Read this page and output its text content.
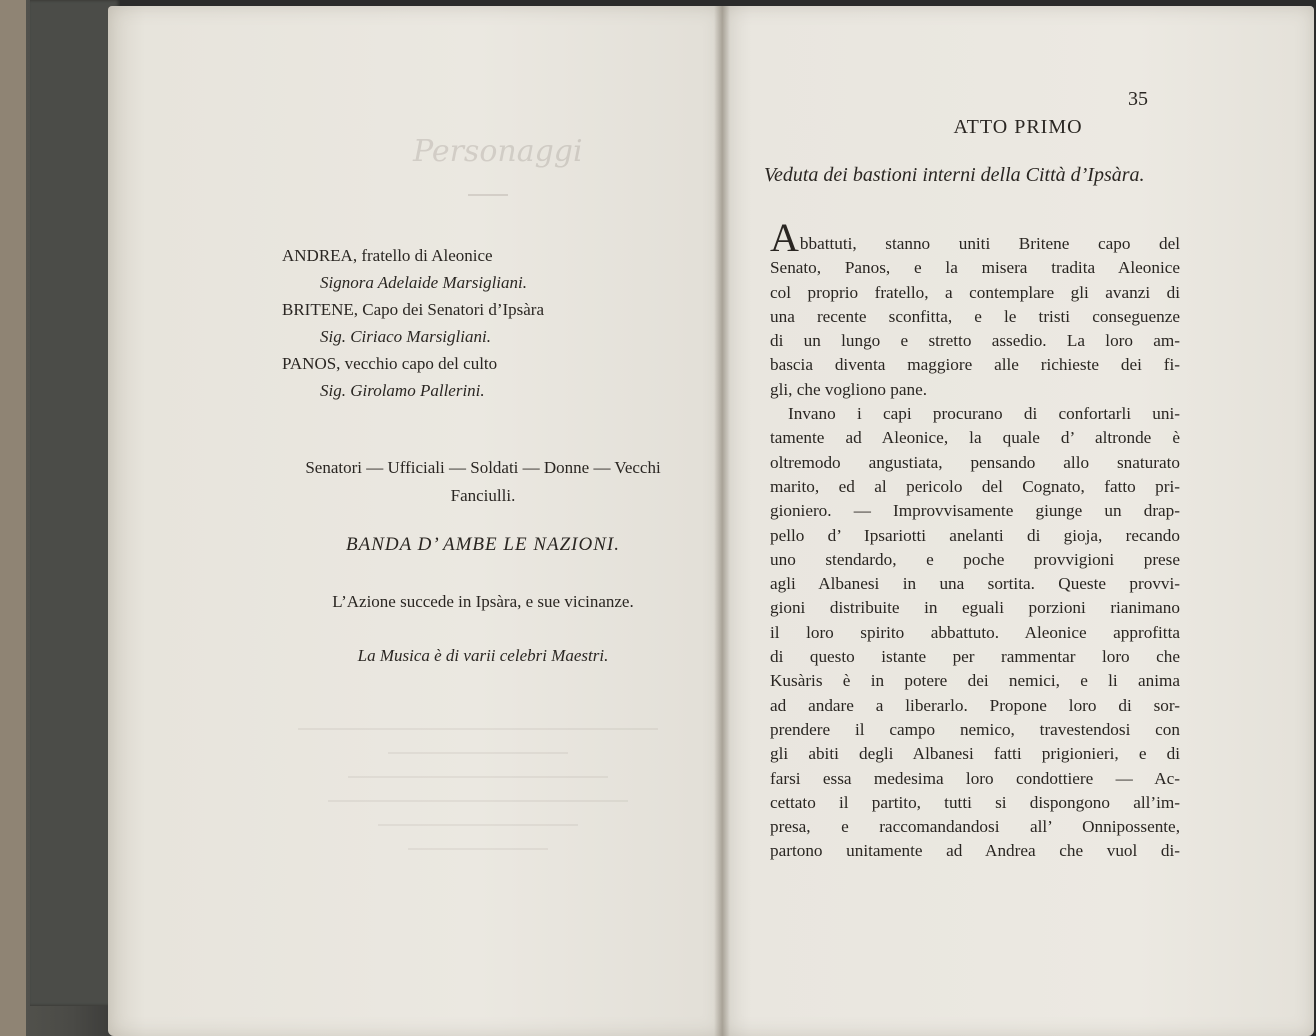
Personaggi
ANDREA, fratello di Aleonice
Signora Adelaide Marsigliani.
BRITENE, Capo dei Senatori d’Ipsàra
Sig. Ciriaco Marsigliani.
PANOS, vecchio capo del culto
Sig. Girolamo Pallerini.
Senatori — Ufficiali — Soldati — Donne — Vecchi
Fanciulli.
BANDA D’ AMBE LE NAZIONI.
L’Azione succede in Ipsàra, e sue vicinanze.
La Musica è di varii celebri Maestri.
35
ATTO PRIMO
Veduta dei bastioni interni della Città d’Ipsàra.
Abbattuti, stanno uniti Britene capo del
Senato, Panos, e la misera tradita Aleonice
col proprio fratello, a contemplare gli avanzi di
una recente sconfitta, e le tristi conseguenze
di un lungo e stretto assedio. La loro am-
bascia diventa maggiore alle richieste dei fi-
gli, che vogliono pane.
Invano i capi procurano di confortarli uni-
tamente ad Aleonice, la quale d’ altronde è
oltremodo angustiata, pensando allo snaturato
marito, ed al pericolo del Cognato, fatto pri-
gioniero. — Improvvisamente giunge un drap-
pello d’ Ipsariotti anelanti di gioja, recando
uno stendardo, e poche provvigioni prese
agli Albanesi in una sortita. Queste provvi-
gioni distribuite in eguali porzioni rianimano
il loro spirito abbattuto. Aleonice approfitta
di questo istante per rammentar loro che
Kusàris è in potere dei nemici, e li anima
ad andare a liberarlo. Propone loro di sor-
prendere il campo nemico, travestendosi con
gli abiti degli Albanesi fatti prigionieri, e di
farsi essa medesima loro condottiere — Ac-
cettato il partito, tutti si dispongono all’im-
presa, e raccomandandosi all’ Onnipossente,
partono unitamente ad Andrea che vuol di-
